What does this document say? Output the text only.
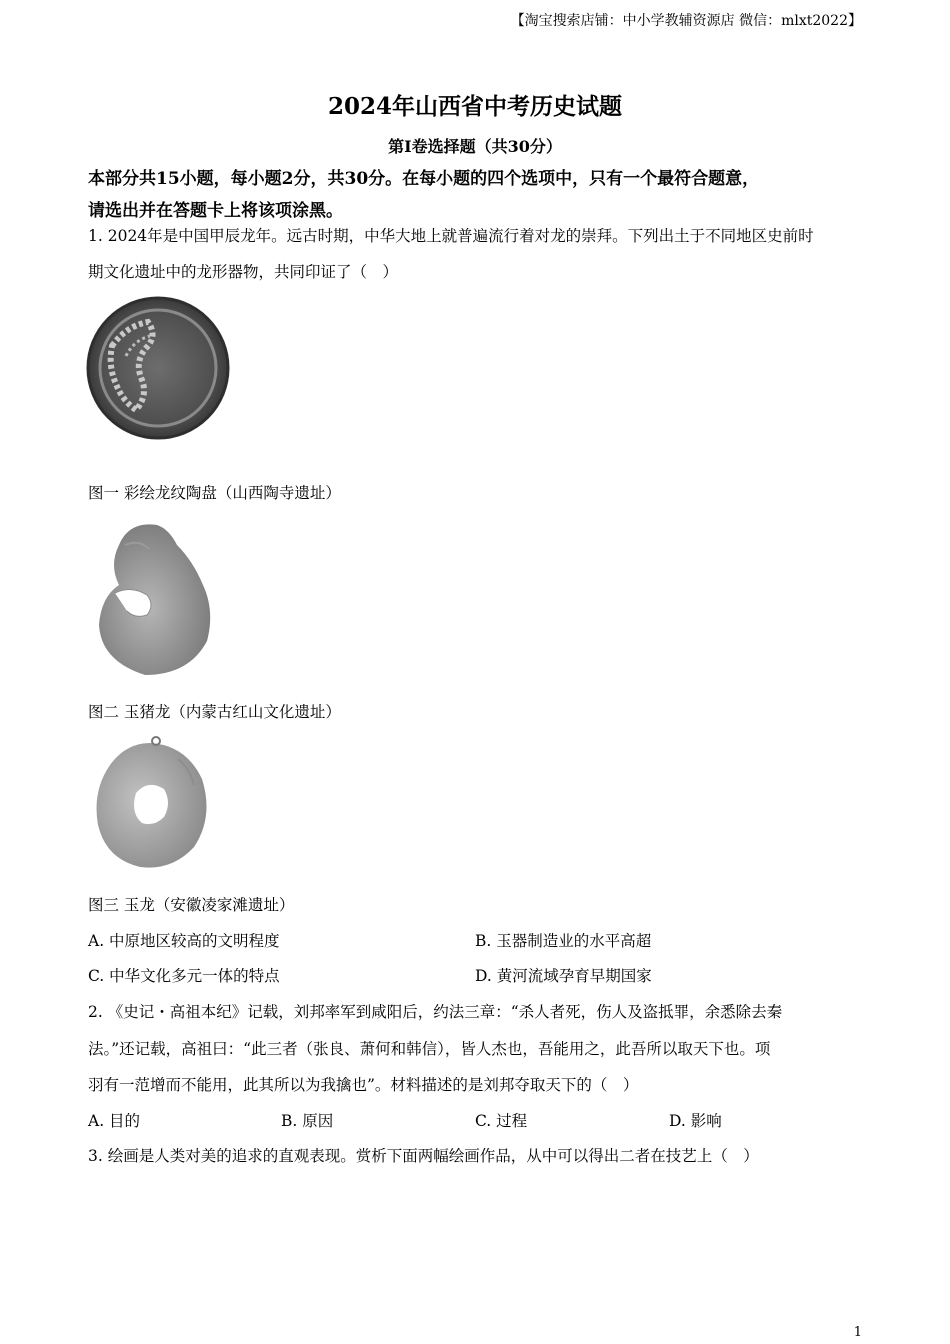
【淘宝搜索店铺：中小学教辅资源店 微信：mlxt2022】
2024年山西省中考历史试题
第I卷选择题（共30分）
本部分共15小题，每小题2分，共30分。在每小题的四个选项中，只有一个最符合题意，
请选出并在答题卡上将该项涂黑。
1. 2024年是中国甲辰龙年。远古时期，中华大地上就普遍流行着对龙的崇拜。下列出土于不同地区史前时
期文化遗址中的龙形器物，共同印证了（　）
图一 彩绘龙纹陶盘（山西陶寺遗址）
图二 玉猪龙（内蒙古红山文化遗址）
图三 玉龙（安徽凌家滩遗址）
A. 中原地区较高的文明程度	B. 玉器制造业的水平高超
C. 中华文化多元一体的特点	D. 黄河流域孕育早期国家
2. 《史记・高祖本纪》记载，刘邦率军到咸阳后，约法三章：“杀人者死，伤人及盗抵罪，余悉除去秦
法。”还记载，高祖曰：“此三者（张良、萧何和韩信），皆人杰也，吾能用之，此吾所以取天下也。项
羽有一范增而不能用，此其所以为我擒也”。材料描述的是刘邦夺取天下的（　）
A. 目的	B. 原因	C. 过程	D. 影响
3. 绘画是人类对美的追求的直观表现。赏析下面两幅绘画作品，从中可以得出二者在技艺上（　）
1
